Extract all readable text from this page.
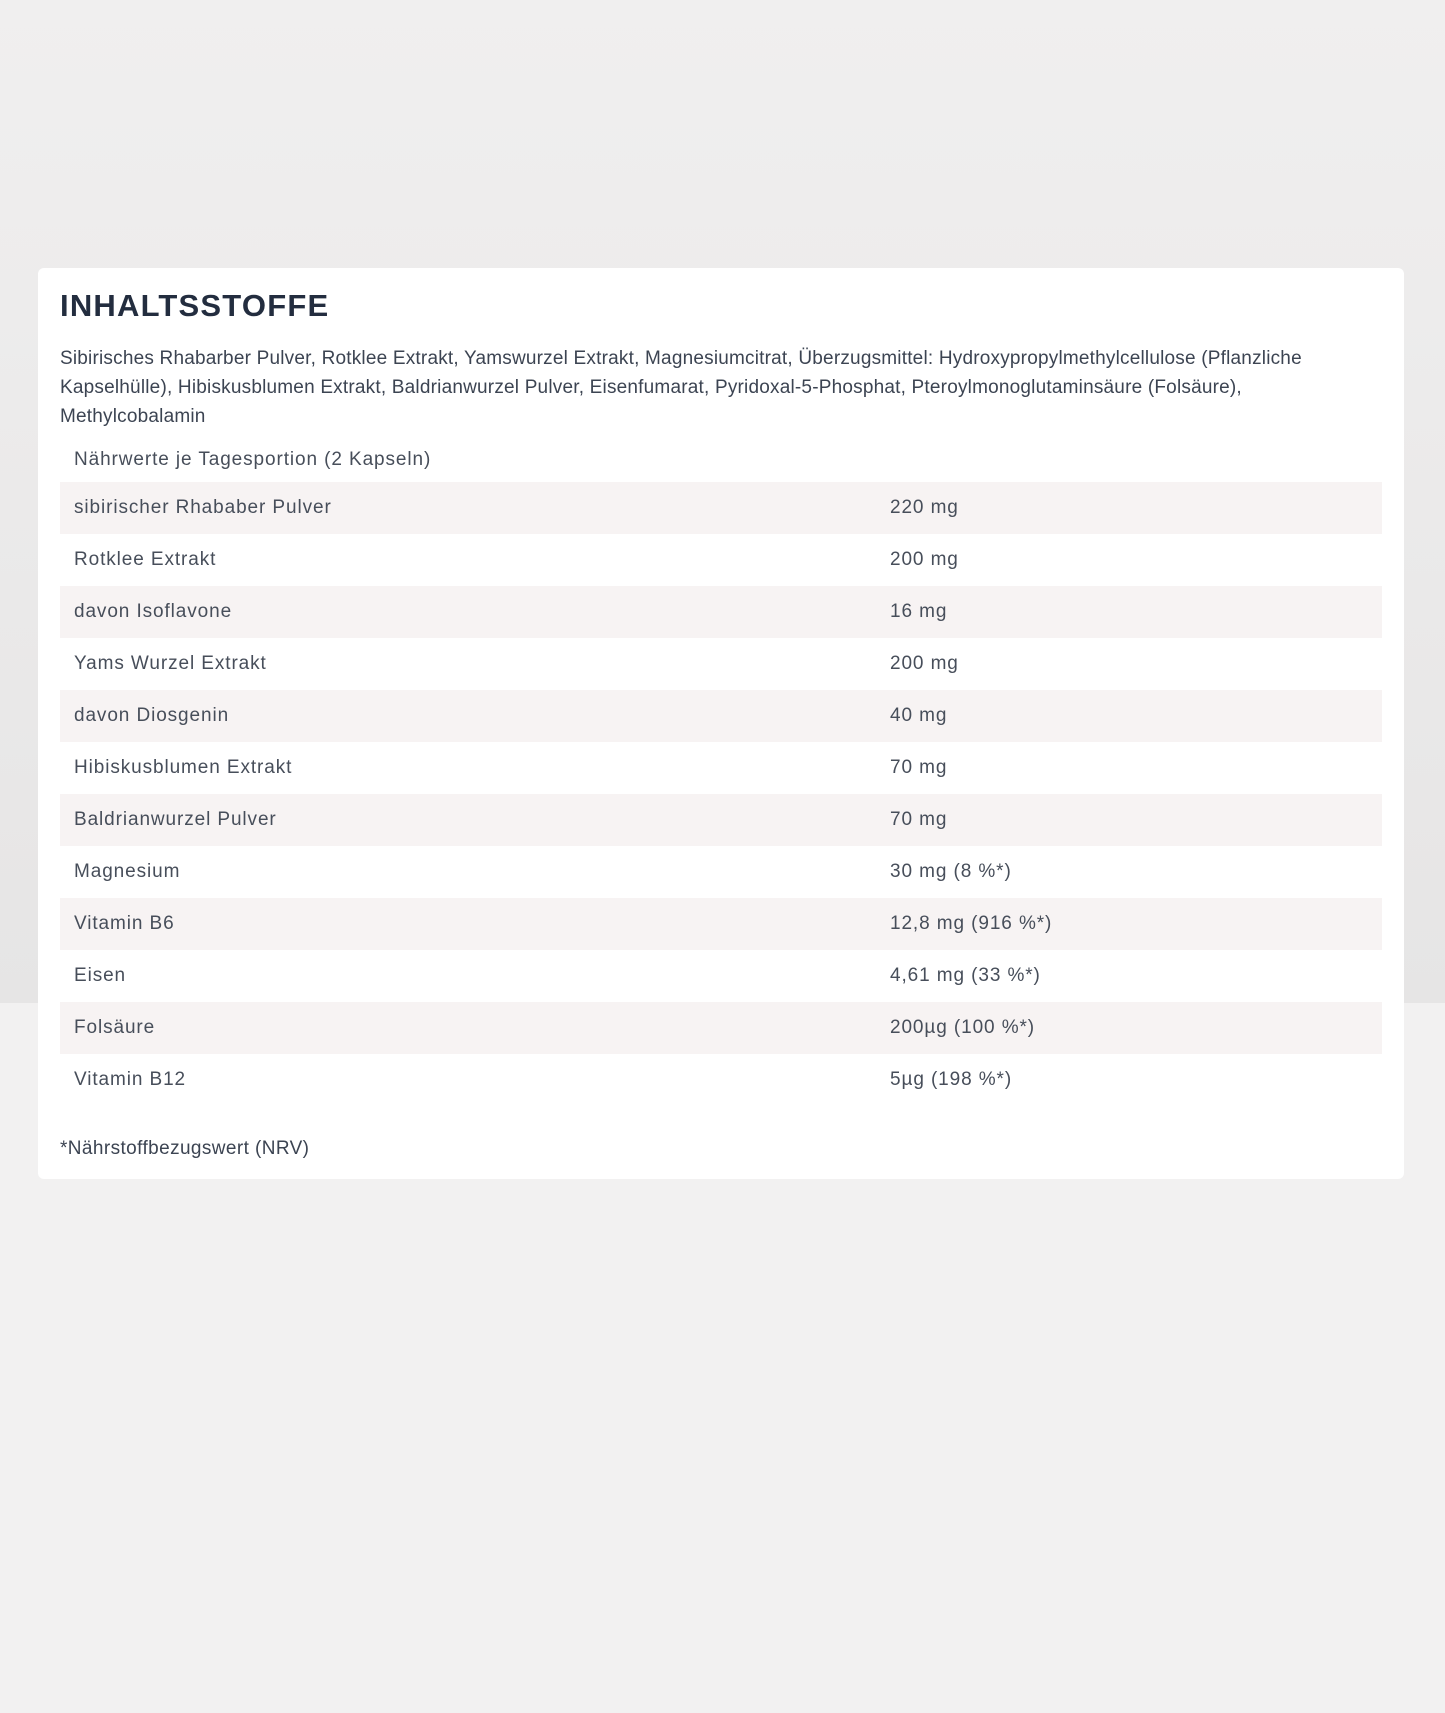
INHALTSSTOFFE

Sibirisches Rhabarber Pulver, Rotklee Extrakt, Yamswurzel Extrakt, Magnesiumcitrat, Überzugsmittel: Hydroxypropylmethylcellulose (Pflanzliche Kapselhülle), Hibiskusblumen Extrakt, Baldrianwurzel Pulver, Eisenfumarat, Pyridoxal-5-Phosphat, Pteroylmonoglutaminsäure (Folsäure), Methylcobalamin

Nährwerte je Tagesportion (2 Kapseln)
sibirischer Rhababer Pulver	220 mg
Rotklee Extrakt	200 mg
davon Isoflavone	16 mg
Yams Wurzel Extrakt	200 mg
davon Diosgenin	40 mg
Hibiskusblumen Extrakt	70 mg
Baldrianwurzel Pulver	70 mg
Magnesium	30 mg (8 %*)
Vitamin B6	12,8 mg (916 %*)
Eisen	4,61 mg (33 %*)
Folsäure	200µg (100 %*)
Vitamin B12	5µg (198 %*)

*Nährstoffbezugswert (NRV)
